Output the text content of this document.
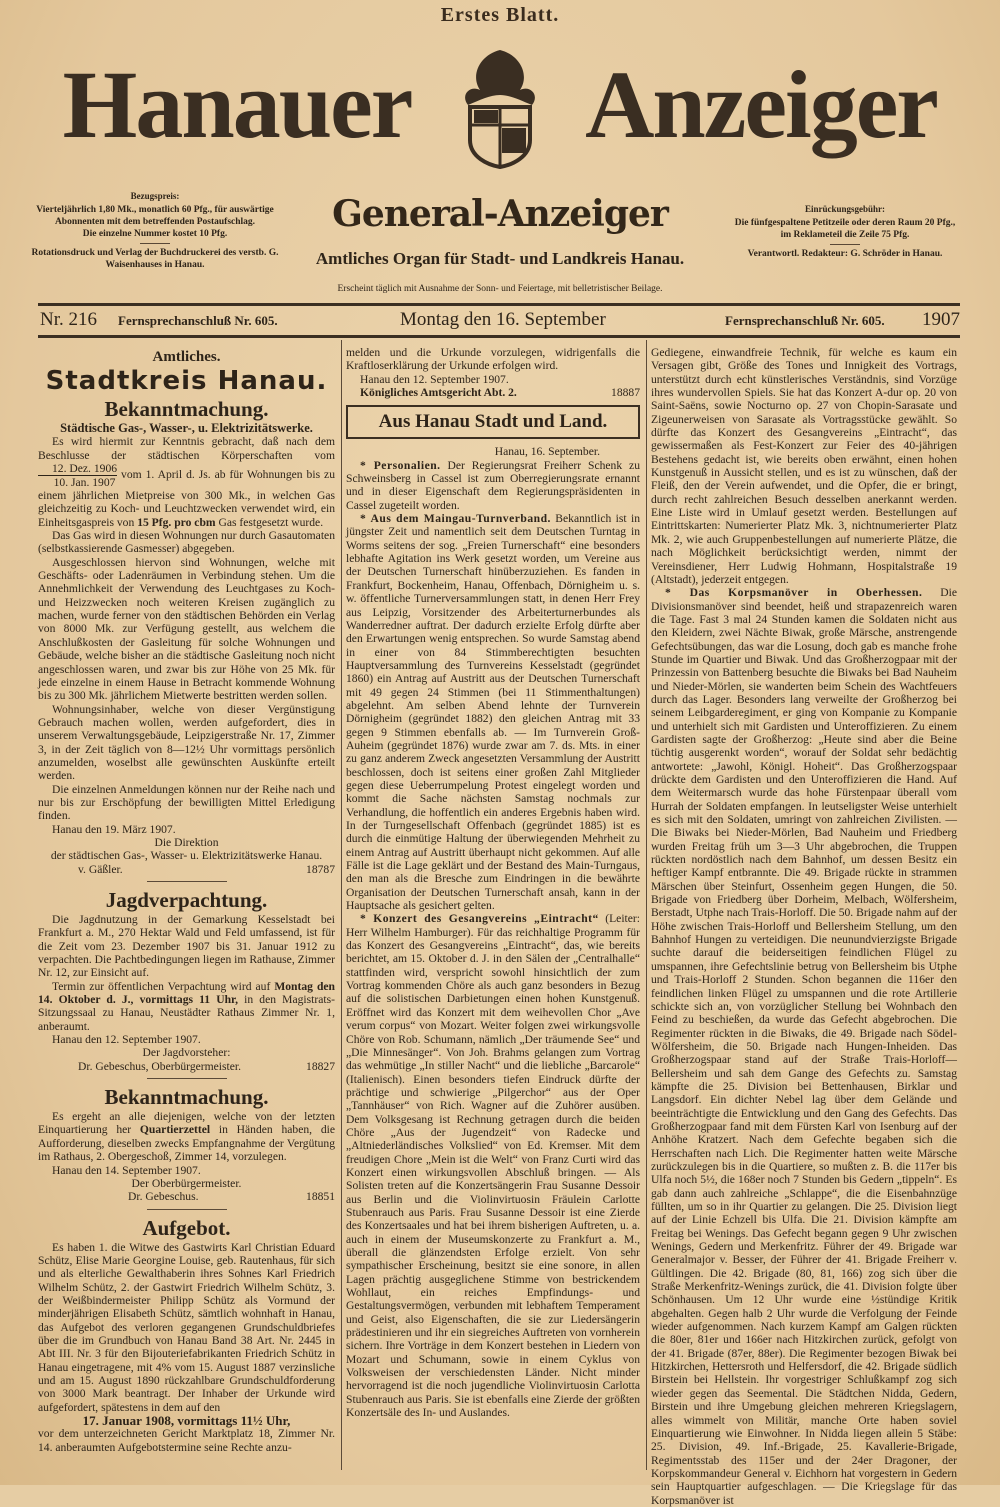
Erstes Blatt.
Hanauer	Anzeiger
Bezugspreis:
Vierteljährlich 1,80 Mk., monatlich 60 Pfg., für auswärtige Abonnenten mit dem betreffenden Postaufschlag.
Die einzelne Nummer kostet 10 Pfg.
Rotationsdruck und Verlag der Buchdruckerei des verstb. G. Waisenhauses in Hanau.
General-Anzeiger
Amtliches Organ für Stadt- und Landkreis Hanau.
Erscheint täglich mit Ausnahme der Sonn- und Feiertage, mit belletristischer Beilage.
Einrückungsgebühr:
Die fünfgespaltene Petitzeile oder deren Raum 20 Pfg.,
im Reklameteil die Zeile 75 Pfg.
Verantwortl. Redakteur: G. Schröder in Hanau.
Nr. 216 Fernsprechanschluß Nr. 605.	Montag den 16. September	Fernsprechanschluß Nr. 605. 1907
Amtliches.
Stadtkreis Hanau.
Bekanntmachung.
Städtische Gas-, Wasser-, u. Elektrizitätswerke.

Es wird hiermit zur Kenntnis gebracht, daß nach dem Beschlusse der städtischen Körperschaften vom
$\frac{\text{12. Dez. 1906}}{\text{10. Jan. 1907}}$ vom 1. April d. Js. ab für Wohnungen bis zu einem jährlichen Mietpreise von 300 Mk., in welchen Gas gleichzeitig zu Koch- und Leuchtzwecken verwendet wird, ein Einheitsgaspreis von 15 Pfg. pro cbm Gas festgesetzt wurde.

Das Gas wird in diesen Wohnungen nur durch Gasautomaten (selbstkassierende Gasmesser) abgegeben.

Ausgeschlossen hiervon sind Wohnungen, welche mit Geschäfts- oder Ladenräumen in Verbindung stehen. Um die Annehmlichkeit der Verwendung des Leuchtgases zu Koch- und Heizzwecken noch weiteren Kreisen zugänglich zu machen, wurde ferner von den städtischen Behörden ein Verlag von 8000 Mk. zur Verfügung gestellt, aus welchem die Anschlußkosten der Gasleitung für solche Wohnungen und Gebäude, welche bisher an die städtische Gasleitung noch nicht angeschlossen waren, und zwar bis zur Höhe von 25 Mk. für jede einzelne in einem Hause in Betracht kommende Wohnung bis zu 300 Mk. jährlichem Mietwerte bestritten werden sollen.

Wohnungsinhaber, welche von dieser Vergünstigung Gebrauch machen wollen, werden aufgefordert, dies in unserem Verwaltungsgebäude, Leipzigerstraße Nr. 17, Zimmer 3, in der Zeit täglich von 8—12½ Uhr vormittags persönlich anzumelden, woselbst alle gewünschten Auskünfte erteilt werden.

Die einzelnen Anmeldungen können nur der Reihe nach und nur bis zur Erschöpfung der bewilligten Mittel Erledigung finden.

Hanau den 19. März 1907.

Die Direktion
der städtischen Gas-, Wasser- u. Elektrizitätswerke Hanau.
v. Gäßler.	18787
Jagdverpachtung.

Die Jagdnutzung in der Gemarkung Kesselstadt bei Frankfurt a. M., 270 Hektar Wald und Feld umfassend, ist für die Zeit vom 23. Dezember 1907 bis 31. Januar 1912 zu verpachten. Die Pachtbedingungen liegen im Rathause, Zimmer Nr. 12, zur Einsicht auf.

Termin zur öffentlichen Verpachtung wird auf Montag den 14. Oktober d. J., vormittags 11 Uhr, in den Magistrats-Sitzungssaal zu Hanau, Neustädter Rathaus Zimmer Nr. 1, anberaumt.

Hanau den 12. September 1907.

Der Jagdvorsteher:
Dr. Gebeschus, Oberbürgermeister.	18827
Bekanntmachung.

Es ergeht an alle diejenigen, welche von der letzten Einquartierung her Quartierzettel in Händen haben, die Aufforderung, dieselben zwecks Empfangnahme der Vergütung im Rathaus, 2. Obergeschoß, Zimmer 14, vorzulegen.

Hanau den 14. September 1907.

Der Oberbürgermeister.
Dr. Gebeschus.	18851
Aufgebot.

Es haben 1. die Witwe des Gastwirts Karl Christian Eduard Schütz, Elise Marie Georgine Louise, geb. Rautenhaus, für sich und als elterliche Gewalthaberin ihres Sohnes Karl Friedrich Wilhelm Schütz, 2. der Gastwirt Friedrich Wilhelm Schütz, 3. der Weißbindermeister Philipp Schütz als Vormund der minderjährigen Elisabeth Schütz, sämtlich wohnhaft in Hanau, das Aufgebot des verloren gegangenen Grundschuldbriefes über die im Grundbuch von Hanau Band 38 Art. Nr. 2445 in Abt III. Nr. 3 für den Bijouteriefabrikanten Friedrich Schütz in Hanau eingetragene, mit 4% vom 15. August 1887 verzinsliche und am 15. August 1890 rückzahlbare Grundschuldforderung von 3000 Mark beantragt. Der Inhaber der Urkunde wird aufgefordert, spätestens in dem auf den

17. Januar 1908, vormittags 11½ Uhr,

vor dem unterzeichneten Gericht Marktplatz 18, Zimmer Nr. 14. anberaumten Aufgebotstermine seine Rechte anzu-

melden und die Urkunde vorzulegen, widrigenfalls die Kraftloserklärung der Urkunde erfolgen wird.

Hanau den 12. September 1907.

Königliches Amtsgericht Abt. 2.	18887
Aus Hanau Stadt und Land.
Hanau, 16. September.

* Personalien. Der Regierungsrat Freiherr Schenk zu Schweinsberg in Cassel ist zum Oberregierungsrate ernannt und in dieser Eigenschaft dem Regierungspräsidenten in Cassel zugeteilt worden.

* Aus dem Maingau-Turnverband. Bekanntlich ist in jüngster Zeit und namentlich seit dem Deutschen Turntag in Worms seitens der sog. „Freien Turnerschaft“ eine besonders lebhafte Agitation ins Werk gesetzt worden, um Vereine aus der Deutschen Turnerschaft hinüberzuziehen. Es fanden in Frankfurt, Bockenheim, Hanau, Offenbach, Dörnigheim u. s. w. öffentliche Turnerversammlungen statt, in denen Herr Frey aus Leipzig, Vorsitzender des Arbeiterturnerbundes als Wanderredner auftrat. Der dadurch erzielte Erfolg dürfte aber den Erwartungen wenig entsprechen. So wurde Samstag abend in einer von 84 Stimmberechtigten besuchten Hauptversammlung des Turnvereins Kesselstadt (gegründet 1860) ein Antrag auf Austritt aus der Deutschen Turnerschaft mit 49 gegen 24 Stimmen (bei 11 Stimmenthaltungen) abgelehnt. Am selben Abend lehnte der Turnverein Dörnigheim (gegründet 1882) den gleichen Antrag mit 33 gegen 9 Stimmen ebenfalls ab. — Im Turnverein Groß-Auheim (gegründet 1876) wurde zwar am 7. ds. Mts. in einer zu ganz anderem Zweck angesetzten Versammlung der Austritt beschlossen, doch ist seitens einer großen Zahl Mitglieder gegen diese Ueberrumpelung Protest eingelegt worden und kommt die Sache nächsten Samstag nochmals zur Verhandlung, die hoffentlich ein anderes Ergebnis haben wird. In der Turngesellschaft Offenbach (gegründet 1885) ist es durch die einmütige Haltung der überwiegenden Mehrheit zu einem Antrag auf Austritt überhaupt nicht gekommen. Auf alle Fälle ist die Lage geklärt und der Bestand des Main-Turngaus, den man als die Bresche zum Eindringen in die bewährte Organisation der Deutschen Turnerschaft ansah, kann in der Hauptsache als gesichert gelten.

* Konzert des Gesangvereins „Eintracht“ (Leiter: Herr Wilhelm Hamburger). Für das reichhaltige Programm für das Konzert des Gesangvereins „Eintracht“, das, wie bereits berichtet, am 15. Oktober d. J. in den Sälen der „Centralhalle“ stattfinden wird, verspricht sowohl hinsichtlich der zum Vortrag kommenden Chöre als auch ganz besonders in Bezug auf die solistischen Darbietungen einen hohen Kunstgenuß. Eröffnet wird das Konzert mit dem weihevollen Chor „Ave verum corpus“ von Mozart. Weiter folgen zwei wirkungsvolle Chöre von Rob. Schumann, nämlich „Der träumende See“ und „Die Minnesänger“. Von Joh. Brahms gelangen zum Vortrag das wehmütige „In stiller Nacht“ und die liebliche „Barcarole“ (Italienisch). Einen besonders tiefen Eindruck dürfte der prächtige und schwierige „Pilgerchor“ aus der Oper „Tannhäuser“ von Rich. Wagner auf die Zuhörer ausüben. Dem Volksgesang ist Rechnung getragen durch die beiden Chöre „Aus der Jugendzeit“ von Radecke und „Altniederländisches Volkslied“ von Ed. Kremser. Mit dem freudigen Chore „Mein ist die Welt“ von Franz Curti wird das Konzert einen wirkungsvollen Abschluß bringen. — Als Solisten treten auf die Konzertsängerin Frau Susanne Dessoir aus Berlin und die Violinvirtuosin Fräulein Carlotte Stubenrauch aus Paris. Frau Susanne Dessoir ist eine Zierde des Konzertsaales und hat bei ihrem bisherigen Auftreten, u. a. auch in einem der Museumskonzerte zu Frankfurt a. M., überall die glänzendsten Erfolge erzielt. Von sehr sympathischer Erscheinung, besitzt sie eine sonore, in allen Lagen prächtig ausgeglichene Stimme von bestrickendem Wohllaut, ein reiches Empfindungs- und Gestaltungsvermögen, verbunden mit lebhaftem Temperament und Geist, also Eigenschaften, die sie zur Liedersängerin prädestinieren und ihr ein siegreiches Auftreten von vornherein sichern. Ihre Vorträge in dem Konzert bestehen in Liedern von Mozart und Schumann, sowie in einem Cyklus von Volksweisen der verschiedensten Länder. Nicht minder hervorragend ist die noch jugendliche Violinvirtuosin Carlotta Stubenrauch aus Paris. Sie ist ebenfalls eine Zierde der größten Konzertsäle des In- und Auslandes.

Gediegene, einwandfreie Technik, für welche es kaum ein Versagen gibt, Größe des Tones und Innigkeit des Vortrags, unterstützt durch echt künstlerisches Verständnis, sind Vorzüge ihres wundervollen Spiels. Sie hat das Konzert A-dur op. 20 von Saint-Saëns, sowie Nocturno op. 27 von Chopin-Sarasate und Zigeunerweisen von Sarasate als Vortragsstücke gewählt. So dürfte das Konzert des Gesangvereins „Eintracht“, das gewissermaßen als Fest-Konzert zur Feier des 40-jährigen Bestehens gedacht ist, wie bereits oben erwähnt, einen hohen Kunstgenuß in Aussicht stellen, und es ist zu wünschen, daß der Fleiß, den der Verein aufwendet, und die Opfer, die er bringt, durch recht zahlreichen Besuch desselben anerkannt werden. Eine Liste wird in Umlauf gesetzt werden. Bestellungen auf Eintrittskarten: Numerierter Platz Mk. 3, nichtnumerierter Platz Mk. 2, wie auch Gruppenbestellungen auf numerierte Plätze, die nach Möglichkeit berücksichtigt werden, nimmt der Vereinsdiener, Herr Ludwig Hohmann, Hospitalstraße 19 (Altstadt), jederzeit entgegen.

* Das Korpsmanöver in Oberhessen. Die Divisionsmanöver sind beendet, heiß und strapazenreich waren die Tage. Fast 3 mal 24 Stunden kamen die Soldaten nicht aus den Kleidern, zwei Nächte Biwak, große Märsche, anstrengende Gefechtsübungen, das war die Losung, doch gab es manche frohe Stunde im Quartier und Biwak. Und das Großherzogpaar mit der Prinzessin von Battenberg besuchte die Biwaks bei Bad Nauheim und Nieder-Mörlen, sie wanderten beim Schein des Wachtfeuers durch das Lager. Besonders lang verweilte der Großherzog bei seinem Leibgarderegiment, er ging von Kompanie zu Kompanie und unterhielt sich mit Gardisten und Unteroffizieren. Zu einem Gardisten sagte der Großherzog: „Heute sind aber die Beine tüchtig ausgerenkt worden“, worauf der Soldat sehr bedächtig antwortete: „Jawohl, Königl. Hoheit“. Das Großherzogspaar drückte dem Gardisten und den Unteroffizieren die Hand. Auf dem Weitermarsch wurde das hohe Fürstenpaar überall vom Hurrah der Soldaten empfangen. In leutseligster Weise unterhielt es sich mit den Soldaten, umringt von zahlreichen Zivilisten. — Die Biwaks bei Nieder-Mörlen, Bad Nauheim und Friedberg wurden Freitag früh um 3—3 Uhr abgebrochen, die Truppen rückten nordöstlich nach dem Bahnhof, um dessen Besitz ein heftiger Kampf entbrannte. Die 49. Brigade rückte in strammen Märschen über Steinfurt, Ossenheim gegen Hungen, die 50. Brigade von Friedberg über Dorheim, Melbach, Wölfersheim, Berstadt, Utphe nach Trais-Horloff. Die 50. Brigade nahm auf der Höhe zwischen Trais-Horloff und Bellersheim Stellung, um den Bahnhof Hungen zu verteidigen. Die neunundvierzigste Brigade suchte darauf die beiderseitigen feindlichen Flügel zu umspannen, ihre Gefechtslinie betrug von Bellersheim bis Utphe und Trais-Horloff 2 Stunden. Schon begannen die 116er den feindlichen linken Flügel zu umspannen und die rote Artillerie schickte sich an, von vorzüglicher Stellung bei Wohnbach den Feind zu beschießen, da wurde das Gefecht abgebrochen. Die Regimenter rückten in die Biwaks, die 49. Brigade nach Södel-Wölfersheim, die 50. Brigade nach Hungen-Inheiden. Das Großherzogspaar stand auf der Straße Trais-Horloff—Bellersheim und sah dem Gange des Gefechts zu. Samstag kämpfte die 25. Division bei Bettenhausen, Birklar und Langsdorf. Ein dichter Nebel lag über dem Gelände und beeinträchtigte die Entwicklung und den Gang des Gefechts. Das Großherzogpaar fand mit dem Fürsten Karl von Isenburg auf der Anhöhe Kratzert. Nach dem Gefechte begaben sich die Herrschaften nach Lich. Die Regimenter hatten weite Märsche zurückzulegen bis in die Quartiere, so mußten z. B. die 117er bis Ulfa noch 5½, die 168er noch 7 Stunden bis Gedern „tippeln“. Es gab dann auch zahlreiche „Schlappe“, die die Eisenbahnzüge füllten, um so in ihr Quartier zu gelangen. Die 25. Division liegt auf der Linie Echzell bis Ulfa. Die 21. Division kämpfte am Freitag bei Wenings. Das Gefecht begann gegen 9 Uhr zwischen Wenings, Gedern und Merkenfritz. Führer der 49. Brigade war Generalmajor v. Besser, der Führer der 41. Brigade Freiherr v. Gültlingen. Die 42. Brigade (80, 81, 166) zog sich über die Straße Merkenfritz-Wenings zurück, die 41. Division folgte über Schönhausen. Um 12 Uhr wurde eine ½stündige Kritik abgehalten. Gegen halb 2 Uhr wurde die Verfolgung der Feinde wieder aufgenommen. Nach kurzem Kampf am Galgen rückten die 80er, 81er und 166er nach Hitzkirchen zurück, gefolgt von der 41. Brigade (87er, 88er). Die Regimenter bezogen Biwak bei Hitzkirchen, Hettersroth und Helfersdorf, die 42. Brigade südlich Birstein bei Hellstein. Ihr vorgestriger Schlußkampf zog sich wieder gegen das Seemental. Die Städtchen Nidda, Gedern, Birstein und ihre Umgebung gleichen mehreren Kriegslagern, alles wimmelt von Militär, manche Orte haben soviel Einquartierung wie Einwohner. In Nidda liegen allein 5 Stäbe: 25. Division, 49. Inf.-Brigade, 25. Kavallerie-Brigade, Regimentsstab des 115er und der 24er Dragoner, der Korpskommandeur General v. Eichhorn hat vorgestern in Gedern sein Hauptquartier aufgeschlagen. — Die Kriegslage für das Korpsmanöver ist
